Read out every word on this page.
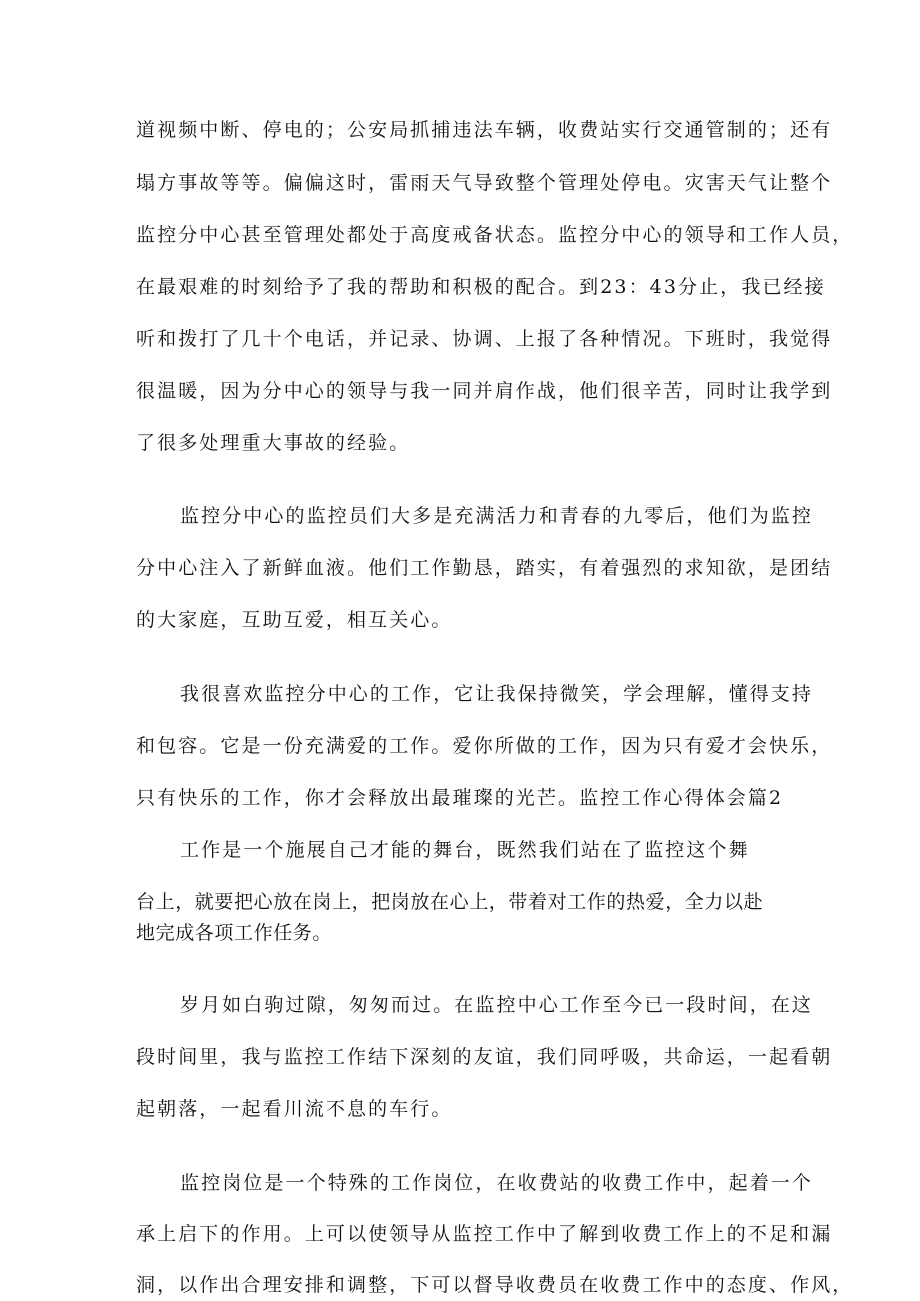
道视频中断、停电的；公安局抓捕违法车辆，收费站实行交通管制的；还有
塌方事故等等。偏偏这时，雷雨天气导致整个管理处停电。灾害天气让整个
监控分中心甚至管理处都处于高度戒备状态。监控分中心的领导和工作人员，
在最艰难的时刻给予了我的帮助和积极的配合。到23：43分止，我已经接
听和拨打了几十个电话，并记录、协调、上报了各种情况。下班时，我觉得
很温暖，因为分中心的领导与我一同并肩作战，他们很辛苦，同时让我学到
了很多处理重大事故的经验。
监控分中心的监控员们大多是充满活力和青春的九零后，他们为监控
分中心注入了新鲜血液。他们工作勤恳，踏实，有着强烈的求知欲，是团结
的大家庭，互助互爱，相互关心。
我很喜欢监控分中心的工作，它让我保持微笑，学会理解，懂得支持
和包容。它是一份充满爱的工作。爱你所做的工作，因为只有爱才会快乐，
只有快乐的工作，你才会释放出最璀璨的光芒。监控工作心得体会篇2
工作是一个施展自己才能的舞台，既然我们站在了监控这个舞
台上，就要把心放在岗上，把岗放在心上，带着对工作的热爱，全力以赴
地完成各项工作任务。
岁月如白驹过隙，匆匆而过。在监控中心工作至今已一段时间，在这
段时间里，我与监控工作结下深刻的友谊，我们同呼吸，共命运，一起看朝
起朝落，一起看川流不息的车行。
监控岗位是一个特殊的工作岗位，在收费站的收费工作中，起着一个
承上启下的作用。上可以使领导从监控工作中了解到收费工作上的不足和漏
洞，以作出合理安排和调整，下可以督导收费员在收费工作中的态度、作风，
